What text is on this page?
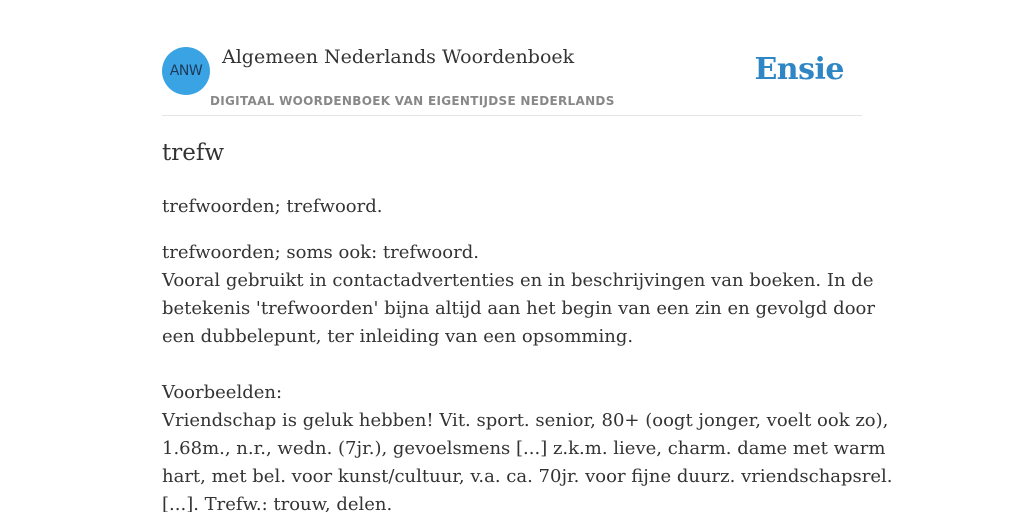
ANW
Algemeen Nederlands Woordenboek
DIGITAAL WOORDENBOEK VAN EIGENTIJDSE NEDERLANDS
Ensie
trefw
trefwoorden; trefwoord.
trefwoorden; soms ook: trefwoord.
Vooral gebruikt in contactadvertenties en in beschrijvingen van boeken. In de
betekenis 'trefwoorden' bijna altijd aan het begin van een zin en gevolgd door
een dubbelepunt, ter inleiding van een opsomming.
Voorbeelden:
Vriendschap is geluk hebben! Vit. sport. senior, 80+ (oogt jonger, voelt ook zo),
1.68m., n.r., wedn. (7jr.), gevoelsmens [...] z.k.m. lieve, charm. dame met warm
hart, met bel. voor kunst/cultuur, v.a. ca. 70jr. voor fijne duurz. vriendschapsrel.
[...]. Trefw.: trouw, delen.
